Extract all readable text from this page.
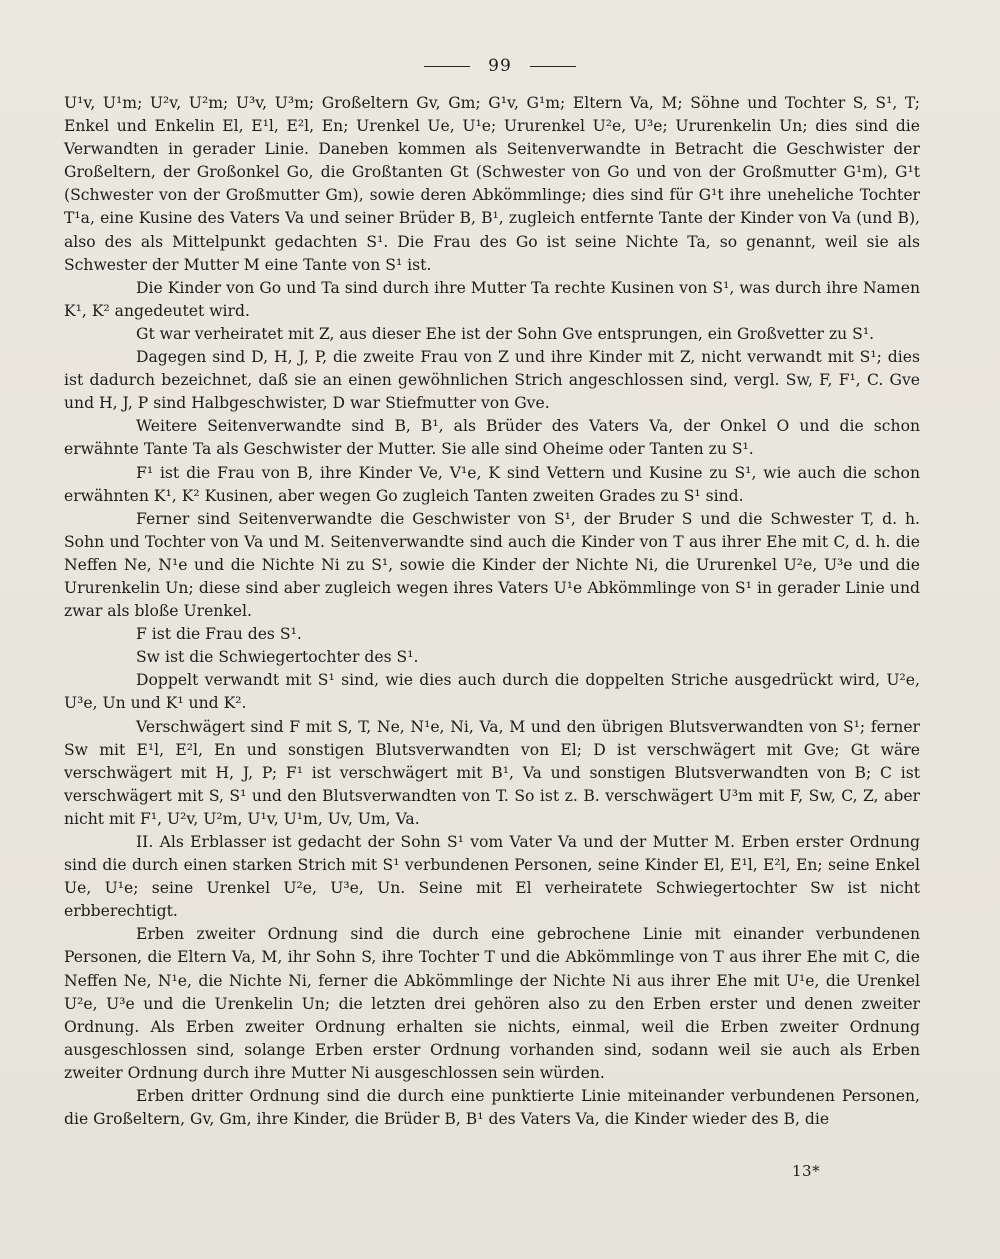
99

U¹v, U¹m; U²v, U²m; U³v, U³m; Großeltern Gv, Gm; G¹v, G¹m; Eltern Va, M; Söhne und Tochter S, S¹, T; Enkel und Enkelin El, E¹l, E²l, En; Urenkel Ue, U¹e; Ururenkel U²e, U³e; Ururenkelin Un; dies sind die Verwandten in gerader Linie. Daneben kommen als Seitenverwandte in Betracht die Geschwister der Großeltern, der Großonkel Go, die Großtanten Gt (Schwester von Go und von der Großmutter G¹m), G¹t (Schwester von der Großmutter Gm), sowie deren Abkömmlinge; dies sind für G¹t ihre uneheliche Tochter T¹a, eine Kusine des Vaters Va und seiner Brüder B, B¹, zugleich entfernte Tante der Kinder von Va (und B), also des als Mittelpunkt gedachten S¹. Die Frau des Go ist seine Nichte Ta, so genannt, weil sie als Schwester der Mutter M eine Tante von S¹ ist.

Die Kinder von Go und Ta sind durch ihre Mutter Ta rechte Kusinen von S¹, was durch ihre Namen K¹, K² angedeutet wird.

Gt war verheiratet mit Z, aus dieser Ehe ist der Sohn Gve entsprungen, ein Großvetter zu S¹.

Dagegen sind D, H, J, P, die zweite Frau von Z und ihre Kinder mit Z, nicht verwandt mit S¹; dies ist dadurch bezeichnet, daß sie an einen gewöhnlichen Strich angeschlossen sind, vergl. Sw, F, F¹, C. Gve und H, J, P sind Halbgeschwister, D war Stiefmutter von Gve.

Weitere Seitenverwandte sind B, B¹, als Brüder des Vaters Va, der Onkel O und die schon erwähnte Tante Ta als Geschwister der Mutter. Sie alle sind Oheime oder Tanten zu S¹.

F¹ ist die Frau von B, ihre Kinder Ve, V¹e, K sind Vettern und Kusine zu S¹, wie auch die schon erwähnten K¹, K² Kusinen, aber wegen Go zugleich Tanten zweiten Grades zu S¹ sind.

Ferner sind Seitenverwandte die Geschwister von S¹, der Bruder S und die Schwester T, d. h. Sohn und Tochter von Va und M. Seitenverwandte sind auch die Kinder von T aus ihrer Ehe mit C, d. h. die Neffen Ne, N¹e und die Nichte Ni zu S¹, sowie die Kinder der Nichte Ni, die Ururenkel U²e, U³e und die Ururenkelin Un; diese sind aber zugleich wegen ihres Vaters U¹e Abkömmlinge von S¹ in gerader Linie und zwar als bloße Urenkel.

F ist die Frau des S¹.

Sw ist die Schwiegertochter des S¹.

Doppelt verwandt mit S¹ sind, wie dies auch durch die doppelten Striche ausgedrückt wird, U²e, U³e, Un und K¹ und K².

Verschwägert sind F mit S, T, Ne, N¹e, Ni, Va, M und den übrigen Blutsverwandten von S¹; ferner Sw mit E¹l, E²l, En und sonstigen Blutsverwandten von El; D ist verschwägert mit Gve; Gt wäre verschwägert mit H, J, P; F¹ ist verschwägert mit B¹, Va und sonstigen Blutsverwandten von B; C ist verschwägert mit S, S¹ und den Blutsverwandten von T. So ist z. B. verschwägert U³m mit F, Sw, C, Z, aber nicht mit F¹, U²v, U²m, U¹v, U¹m, Uv, Um, Va.

II. Als Erblasser ist gedacht der Sohn S¹ vom Vater Va und der Mutter M. Erben erster Ordnung sind die durch einen starken Strich mit S¹ verbundenen Personen, seine Kinder El, E¹l, E²l, En; seine Enkel Ue, U¹e; seine Urenkel U²e, U³e, Un. Seine mit El verheiratete Schwiegertochter Sw ist nicht erbberechtigt.

Erben zweiter Ordnung sind die durch eine gebrochene Linie mit einander verbundenen Personen, die Eltern Va, M, ihr Sohn S, ihre Tochter T und die Abkömmlinge von T aus ihrer Ehe mit C, die Neffen Ne, N¹e, die Nichte Ni, ferner die Abkömmlinge der Nichte Ni aus ihrer Ehe mit U¹e, die Urenkel U²e, U³e und die Urenkelin Un; die letzten drei gehören also zu den Erben erster und denen zweiter Ordnung. Als Erben zweiter Ordnung erhalten sie nichts, einmal, weil die Erben zweiter Ordnung ausgeschlossen sind, solange Erben erster Ordnung vorhanden sind, sodann weil sie auch als Erben zweiter Ordnung durch ihre Mutter Ni ausgeschlossen sein würden.

Erben dritter Ordnung sind die durch eine punktierte Linie miteinander verbundenen Personen, die Großeltern, Gv, Gm, ihre Kinder, die Brüder B, B¹ des Vaters Va, die Kinder wieder des B, die

13*
